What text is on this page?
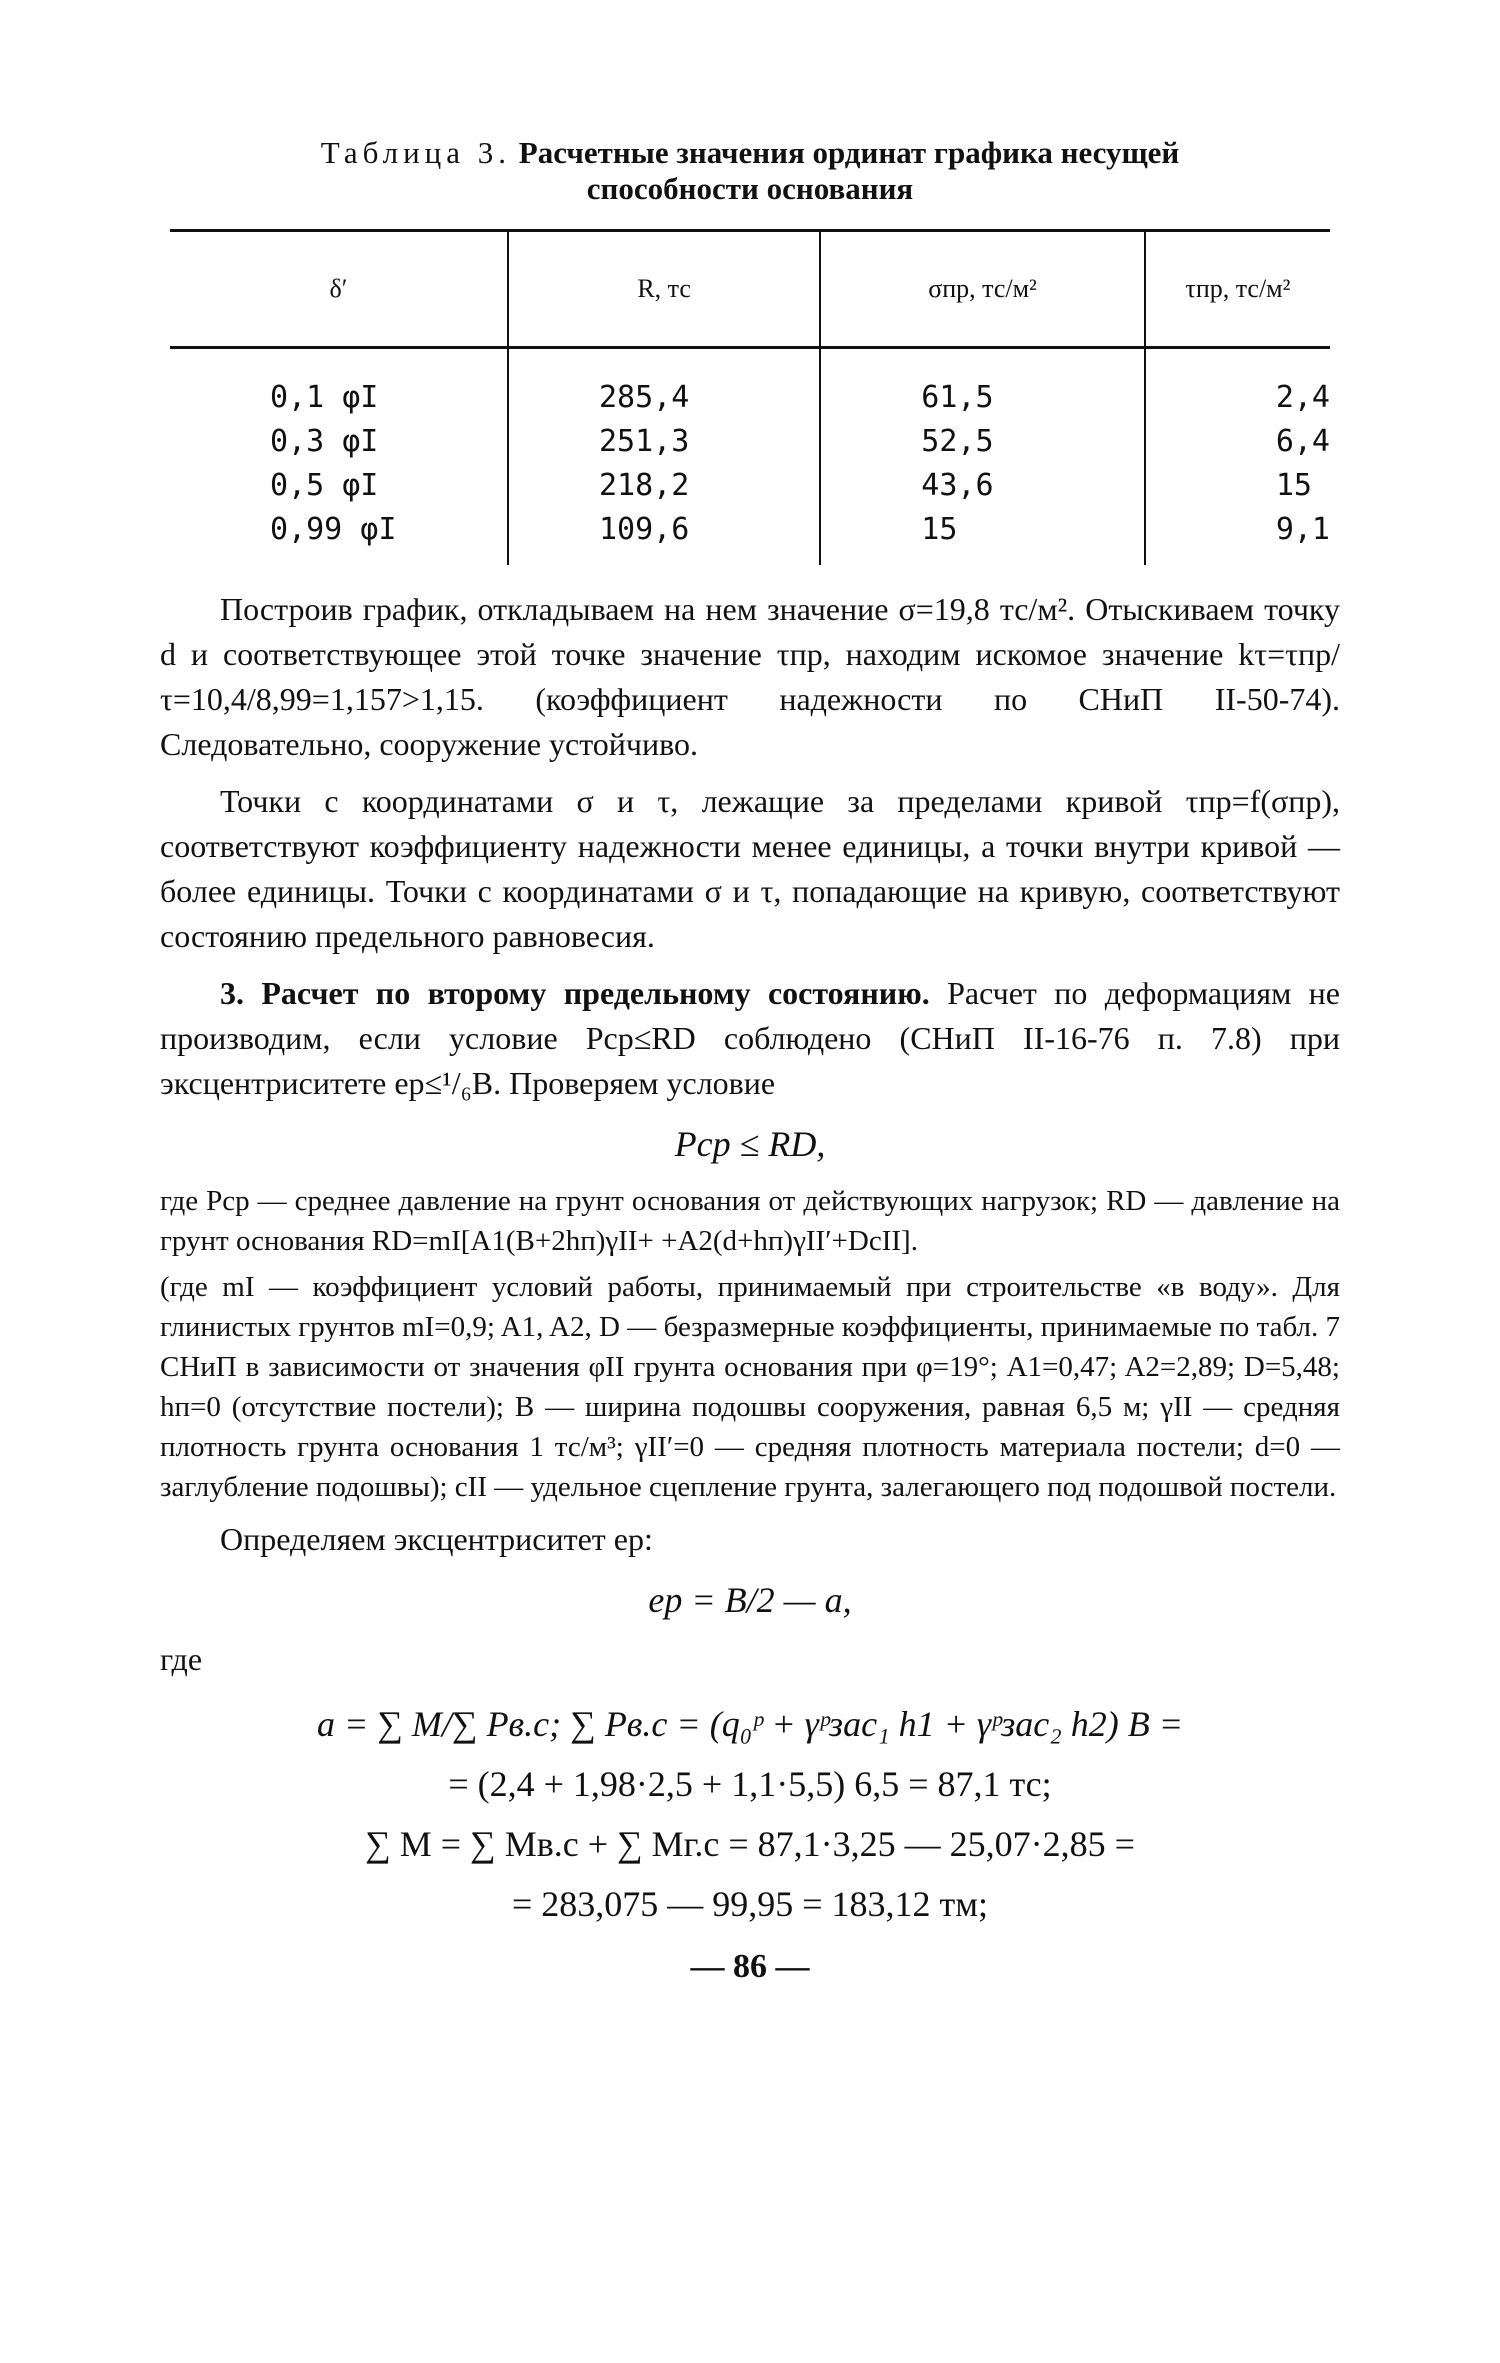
Таблица 3. Расчетные значения ординат графика несущей
способности основания
δ′	R, тс	σпр, тс/м²	τпр, тс/м²
0,1 φI	285,4	61,5	2,4
0,3 φI	251,3	52,5	6,4
0,5 φI	218,2	43,6	15
0,99 φI	109,6	15	9,1

Построив график, откладываем на нем значение σ=19,8 тс/м². Отыскиваем точку d и соответствующее этой точке значение τпр, находим искомое значение kτ=τпр/τ=10,4/8,99=1,157>1,15. (коэффициент надежности по СНиП II-50-74). Следовательно, сооружение устойчиво.

Точки с координатами σ и τ, лежащие за пределами кривой τпр=f(σпр), соответствуют коэффициенту надежности менее единицы, а точки внутри кривой — более единицы. Точки с координатами σ и τ, попадающие на кривую, соответствуют состоянию предельного равновесия.

3. Расчет по второму предельному состоянию. Расчет по деформациям не производим, если условие Pср≤RD соблюдено (СНиП II-16-76 п. 7.8) при эксцентриситете eр≤¹/₆B. Проверяем условие

Pср ≤ RD,

где Pср — среднее давление на грунт основания от действующих нагрузок; RD — давление на грунт основания RD=mI[A1(B+2hп)γII+ +A2(d+hп)γII′+DcII].

(где mI — коэффициент условий работы, принимаемый при строительстве «в воду». Для глинистых грунтов mI=0,9; A1, A2, D — безразмерные коэффициенты, принимаемые по табл. 7 СНиП в зависимости от значения φII грунта основания при φ=19°; A1=0,47; A2=2,89; D=5,48; hп=0 (отсутствие постели); B — ширина подошвы сооружения, равная 6,5 м; γII — средняя плотность грунта основания 1 тс/м³; γII′=0 — средняя плотность материала постели; d=0 — заглубление подошвы); cII — удельное сцепление грунта, залегающего под подошвой постели.

Определяем эксцентриситет eр:

eр = B/2 — a,

где

a = ∑ M/∑ Pв.с; ∑ Pв.с = (q₀ᵖ + γᵖзас₁ h1 + γᵖзас₂ h2) B =
= (2,4 + 1,98·2,5 + 1,1·5,5) 6,5 = 87,1 тс;
∑ M = ∑ Mв.с + ∑ Mг.с = 87,1·3,25 — 25,07·2,85 =
= 283,075 — 99,95 = 183,12 тм;
— 86 —
